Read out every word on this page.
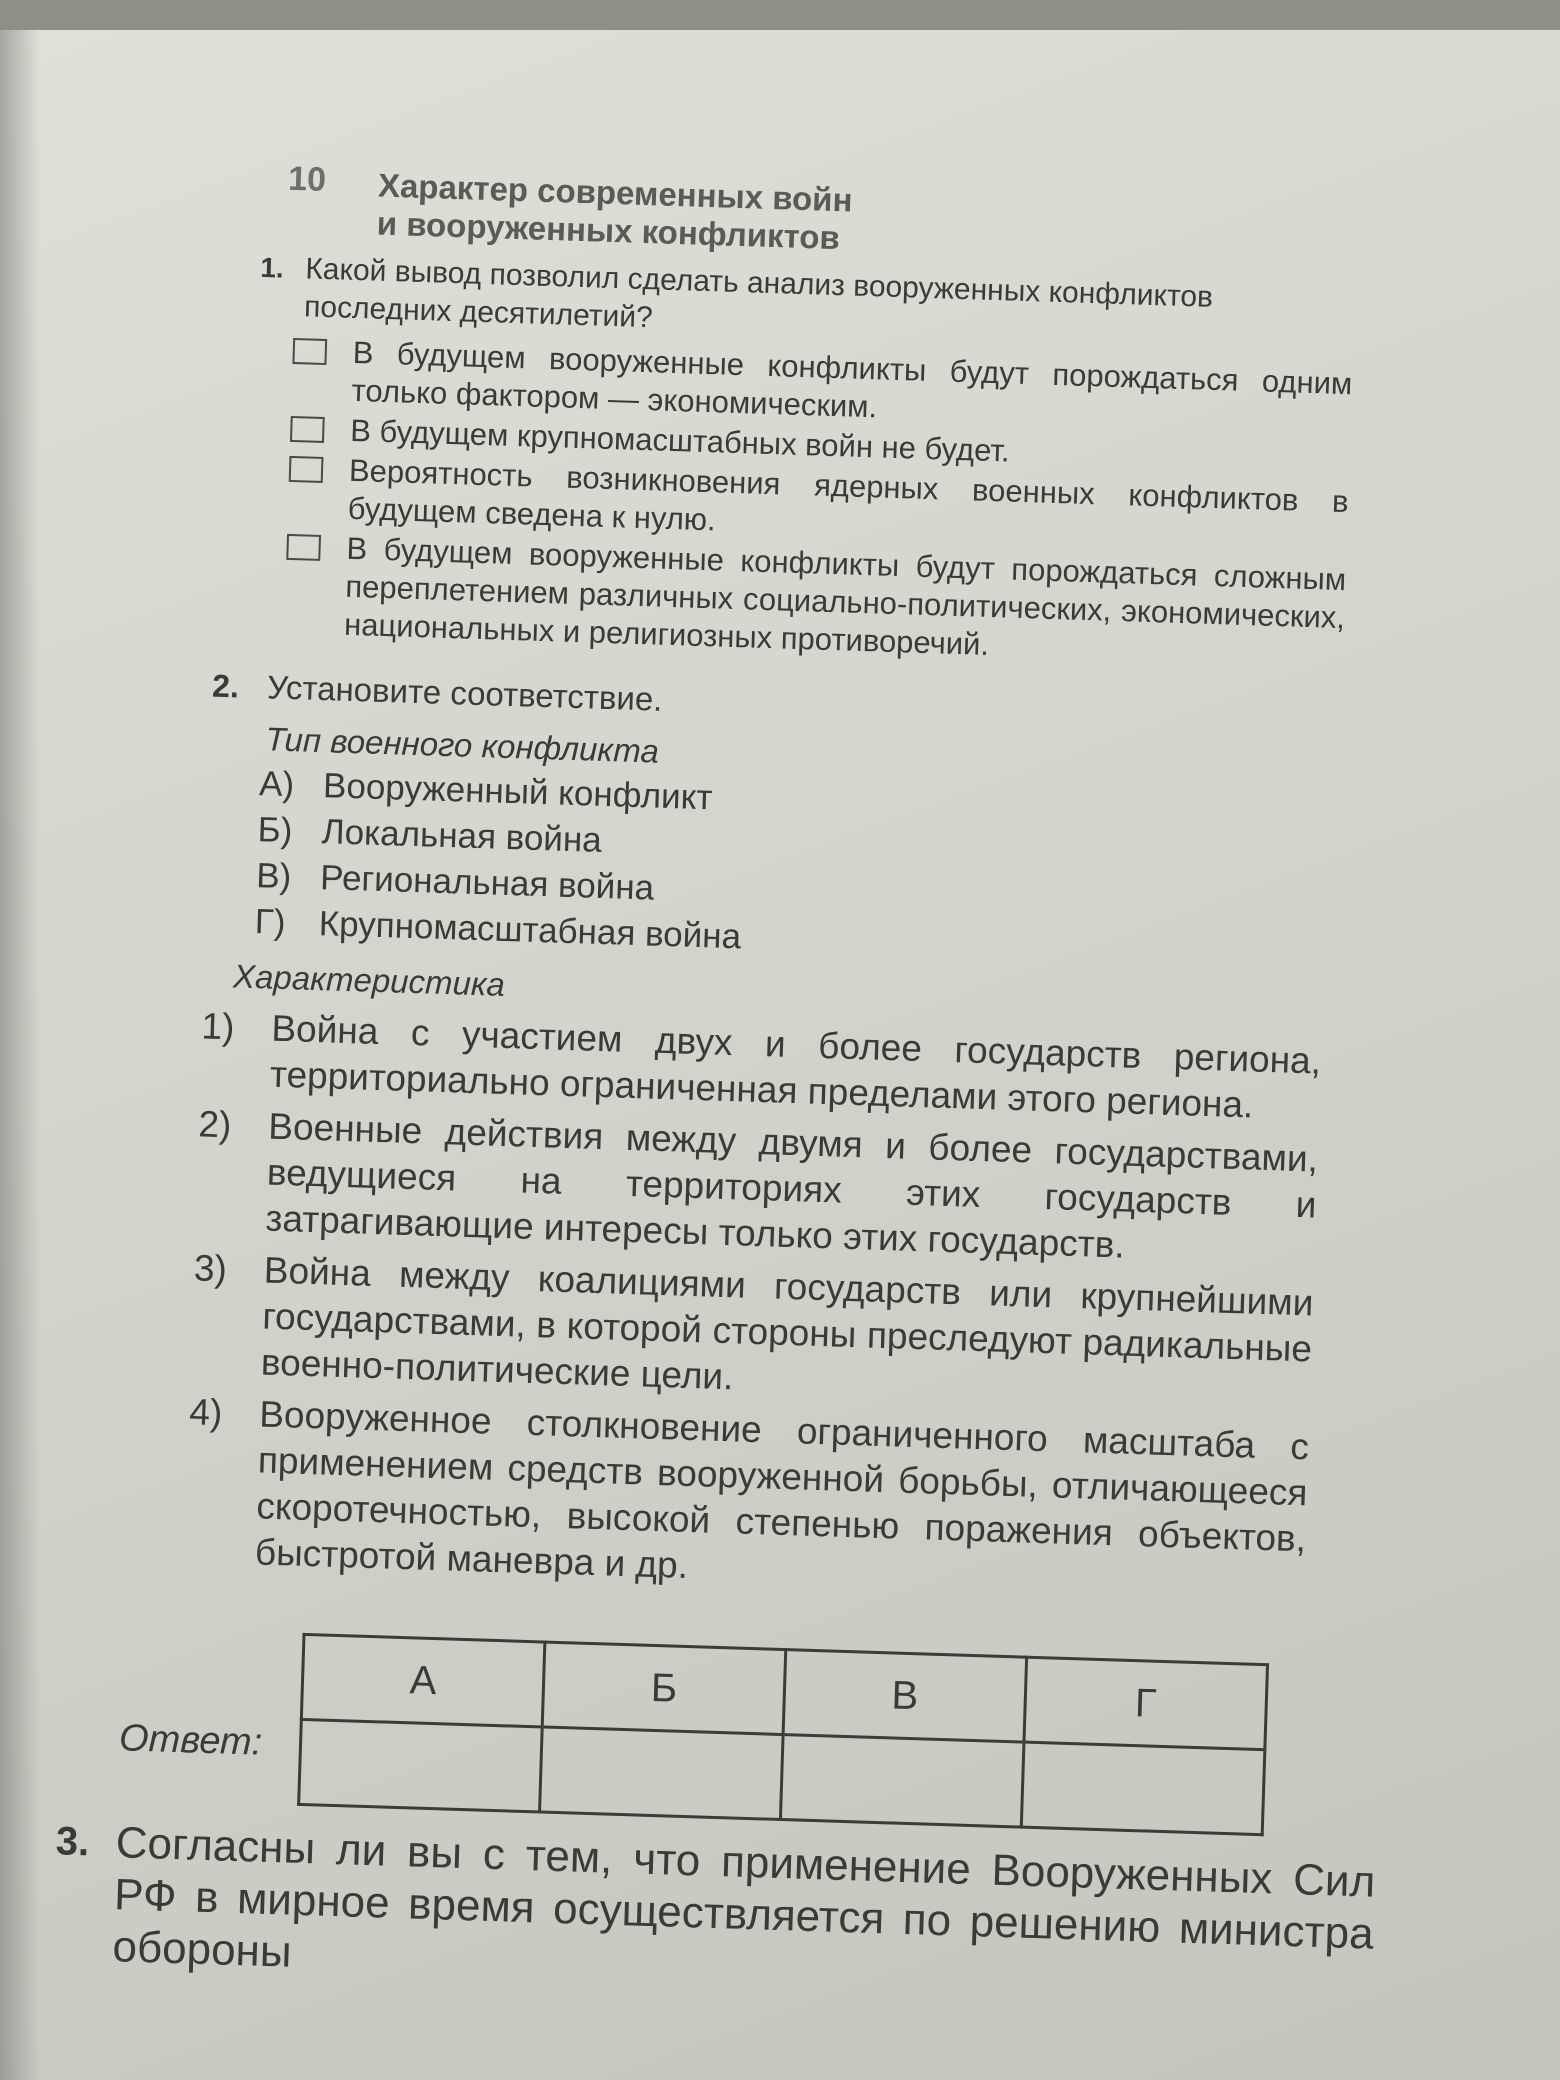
10 Характер современных войн
и вооруженных конфликтов
1. Какой вывод позволил сделать анализ вооруженных конфликтов последних десятилетий?
В будущем вооруженные конфликты будут порождаться одним только фактором — экономическим.
В будущем крупномасштабных войн не будет.
Вероятность возникновения ядерных военных конфликтов в будущем сведена к нулю.
В будущем вооруженные конфликты будут порождаться сложным переплетением различных социально-политических, экономических, национальных и религиозных противоречий.
2. Установите соответствие.
Тип военного конфликта
А) Вооруженный конфликт
Б) Локальная война
В) Региональная война
Г) Крупномасштабная война
Характеристика
1) Война с участием двух и более государств региона, территориально ограниченная пределами этого региона.
2) Военные действия между двумя и более государствами, ведущиеся на территориях этих государств и затрагивающие интересы только этих государств.
3) Война между коалициями государств или крупнейшими государствами, в которой стороны преследуют радикальные военно-политические цели.
4) Вооруженное столкновение ограниченного масштаба с применением средств вооруженной борьбы, отличающееся скоротечностью, высокой степенью поражения объектов, быстротой маневра и др.
Ответ:
А	Б	В	Г

3. Согласны ли вы с тем, что применение Вооруженных Сил РФ в мирное время осуществляется по решению министра обороны
